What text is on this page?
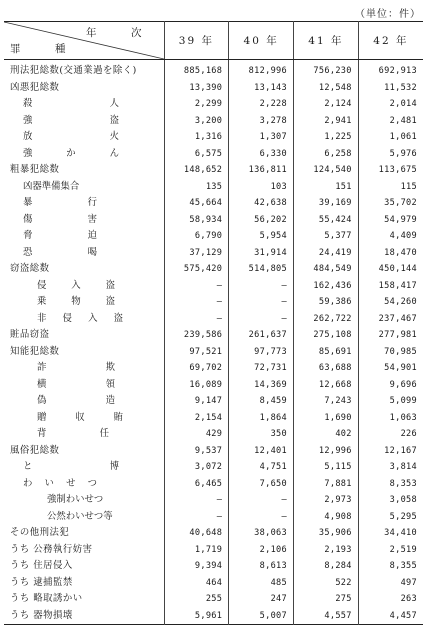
（単位：件）
年　次
罪　種	39 年	40 年	41 年	42 年
刑法犯総数(交通業過を除く)	885,168	812,996	756,230	692,913
凶悪犯総数	13,390	13,143	12,548	11,532

殺 人	2,299	2,228	2,124	2,014

強 盗	3,200	3,278	2,941	2,481

放 火	1,316	1,307	1,225	1,061

強 か ん	6,575	6,330	6,258	5,976
粗暴犯総数	148,652	136,811	124,540	113,675
凶器準備集合	135	103	151	115

暴 行	45,664	42,638	39,169	35,702

傷 害	58,934	56,202	55,424	54,979

脅 迫	6,790	5,954	5,377	4,409

恐 喝	37,129	31,914	24,419	18,470
窃盗総数	575,420	514,805	484,549	450,144

侵 入 盗	—	—	162,436	158,417

乗 物 盗	—	—	59,386	54,260

非 侵 入 盗	—	—	262,722	237,467
賍品窃盗	239,586	261,637	275,108	277,981
知能犯総数	97,521	97,773	85,691	70,985

詐 欺	69,702	72,731	63,688	54,901

横 領	16,089	14,369	12,668	9,696

偽 造	9,147	8,459	7,243	5,099

贈 収 賄	2,154	1,864	1,690	1,063

背 任	429	350	402	226
風俗犯総数	9,537	12,401	12,996	12,167

と 博	3,072	4,751	5,115	3,814

わ い せ つ	6,465	7,650	7,881	8,353
強制わいせつ	—	—	2,973	3,058
公然わいせつ等	—	—	4,908	5,295
その他刑法犯	40,648	38,063	35,906	34,410
うち 公務執行妨害	1,719	2,106	2,193	2,519
うち 住居侵入	9,394	8,613	8,284	8,355
うち 逮捕監禁	464	485	522	497
うち 略取誘かい	255	247	275	263
うち 器物損壊	5,961	5,007	4,557	4,457
